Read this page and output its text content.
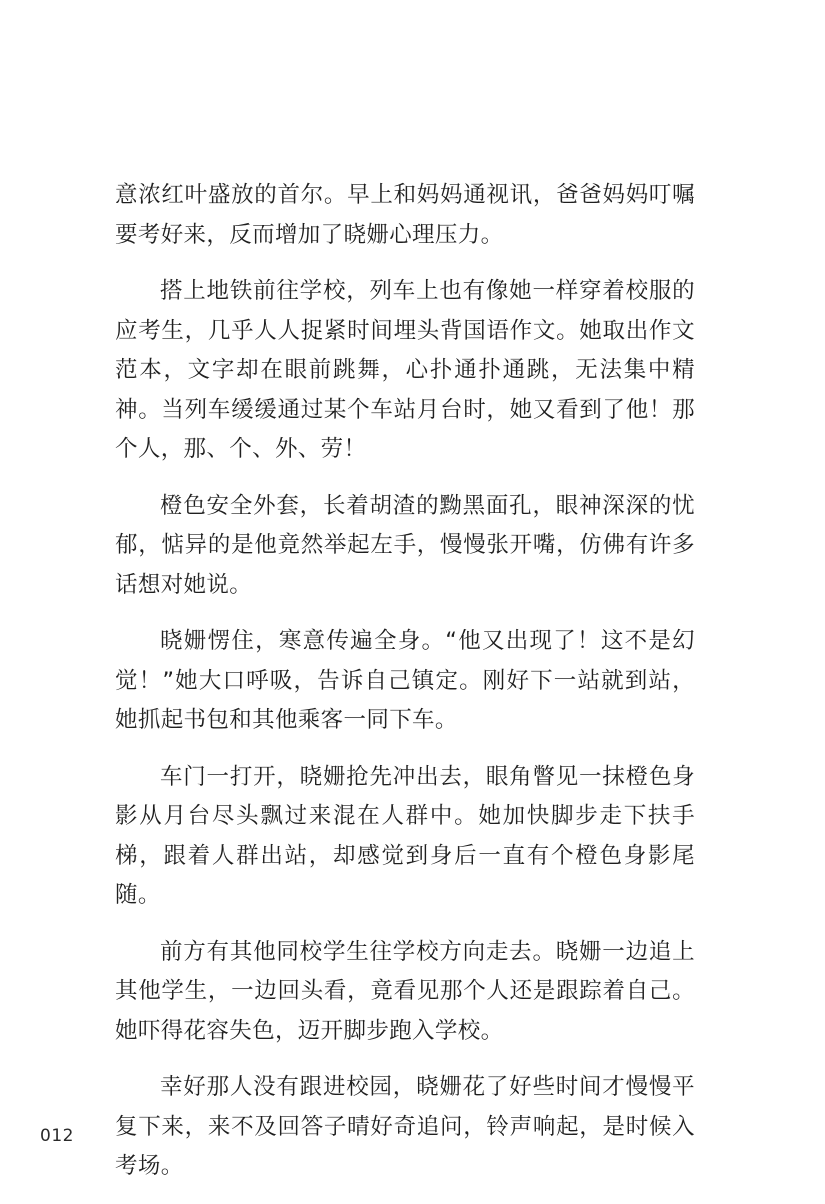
意浓红叶盛放的首尔。早上和妈妈通视讯，爸爸妈妈叮嘱要考好来，反而增加了晓姗心理压力。

搭上地铁前往学校，列车上也有像她一样穿着校服的应考生，几乎人人捉紧时间埋头背国语作文。她取出作文范本，文字却在眼前跳舞，心扑通扑通跳，无法集中精神。当列车缓缓通过某个车站月台时，她又看到了他！那个人，那、个、外、劳！

橙色安全外套，长着胡渣的黝黑面孔，眼神深深的忧郁，惦异的是他竟然举起左手，慢慢张开嘴，仿佛有许多话想对她说。

晓姗愣住，寒意传遍全身。“他又出现了！这不是幻觉！”她大口呼吸，告诉自己镇定。刚好下一站就到站，她抓起书包和其他乘客一同下车。

车门一打开，晓姗抢先冲出去，眼角瞥见一抹橙色身影从月台尽头飘过来混在人群中。她加快脚步走下扶手梯，跟着人群出站，却感觉到身后一直有个橙色身影尾随。

前方有其他同校学生往学校方向走去。晓姗一边追上其他学生，一边回头看，竟看见那个人还是跟踪着自己。她吓得花容失色，迈开脚步跑入学校。

幸好那人没有跟进校园，晓姗花了好些时间才慢慢平复下来，来不及回答子晴好奇追问，铃声响起，是时候入考场。

012
